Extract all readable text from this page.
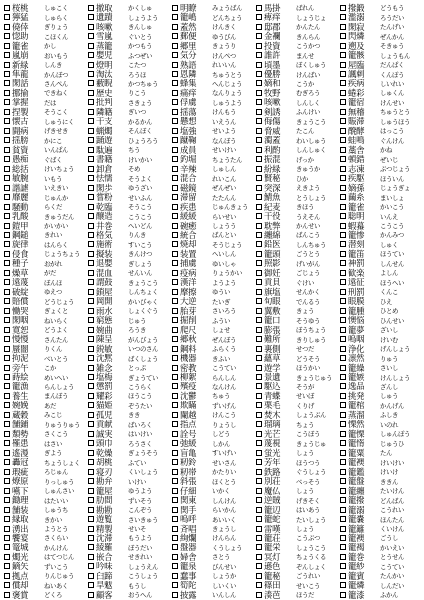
桜桃	しゅこく
獰猛	しゅらく
僥倖	ぎりょう
惚助	こほくん
籠雀	かし
嵐崩	おいもう
新緑	しんき
隼龍	かんぼつ
閑話	さんぺん
挪揄	できねく
掌握	だは
捏製	そうこく
懐古	しゅうにく
闘病	げきせき
揺膀	かにこ
貧資	いんぱん
愚痴	ぐばく
総括	けいちょう
敏腕	いもう
諧謔	いえきい
靡麗	じゅんか
騒動	らくだ
乳酸	きゅうだん
鎧甲	かいかい
鋼鎚	きれい
旋律	はんらく
侵食	じょうちょう
種子	おがれ
燥草	がだ
遠蔑	ぼんほ
破綻	ゆえつ
賠償	どうじょう
慟哭	ぎょくと
閑咽	ねいらく
寛恕	どうよく
慢慢	さんたん
蜃闇	りくん
拘泥	べいとう
旁午	こか
蒔絵	めいへい
籠漁	らんしょう
養生	まんぼう
婉娩	あだ
蔵穀	みこじ
舗鋪	りゅうりゅう
頽勢	さくこう
罹患	はさい
遙漫	ぎよう
轟冠	ちょうしょく
瑕疵	ろじゅん
燎原	りっしゅう
嚥下	しゅんさい
鋤理	はたいい
舗装	しゅうち
縁取	きかい
湧出	ようとう
饗宴	さくらい
篭城	かんけん
燭光	はてつじん
鏑矢	ずいこう
拠点	りんじゅう
償却	ねいあく
褒賞	どくろ
撤取	かくしゅ
遺蹟	しょうよう
咳嗽	きんしゅ
雪嵐	ぐいとう
蒸籠	かつもう
嬰児	ふつぜい
燈明	こたつ
淘汰	ろうほ
藪睨	かつちゅう
歴史	りこう
批判	さきょう
隣籍	ぎいつ
干支	かるかん
蝋燭	そんぼく
踊遊	ひょうろう
駄遍	ちう
書籍	けいかい
卸倉	そめ
怯懦	そうよく
閑歩	ゆうざい
嘗粉	せいふん
乾臨	そうこう
醸造	こうこう
井巻	へいどん
格気	りんき
施術	すいこう
擬装	きんけつ
退嬰	ぎしょう
混血	せんいん
謂鼓	きょうこう
鎖屋	しんちょく
岡開	かいびゃく
雨水	しょくぐう
窮態	じゅう
婉曲	ろうき
陳呈	がんびょう
鋭敏	いつのさん
沈黙	ばくしょう
雑念	とっぷ
塩梅	ぎょうてい
懲罰	こうらく
耀彩	ほうこう
猫姫	ぞうたい
孤児	きき
貢献	ばいろく
誠実	はいけい
頭巾	ろうさく
乾燥	ぎょうそう
胡桃	ふてい
寝刃	くいしょう
勘弁	いけい
籠屋	ゆうよう
肋間	ずいそう
勘勘	こんぞう
遊覧	さいきゅう
精製	せいそ
沈滞	もうよう
綾羅	ぼうだい
嵌合	せきれい
吟味	しょうえん
臼蹄	こうしょう
旱魃	もうし
顧客	おうへん
明瞭	みょうばん
籠嶋	どんちょう
蓋然	けんきく
郵便	ゆうびん
郷里	きょうり
気分	けんぺつ
熟語	れいいん
恩隣	ちゅうとう
蜂集	へんじょう
痛痒	なんりょう
俘虜	しゅうよう
揺蕩	けんもう
懸想	いえうん
塩強	せいよう
蹴鞠	なんぼう
成員	せいけい
釣堀	ちょうたん
辛辣	しゅしん
混合	れいこん
磁鏡	ぜんぜい
滞留	たたんん
疾患	じゅんきょう
緩緩	らいせい
碗癒	しょうう
統合	ばんとい
焼却	そうじょう
装置	へいしん
捕虜	ゆいしゃ
疫病	りょうかい
漢洋	ようよう
摩擦	ゆうい
大逆	たいぎ
胎芽	さいろう
掘削	ふうい
爬尺	しょせ
郷秋	ぜんぼう
鋼料	ふらくう
機器	きふい
密教	こうてい
柳絮	らんしん
殯疫	なんけん
沈鬱	ちゅう
欺瞞	ずいげん
闌越	けんこう
指点	りょうし
詮号	しどう
弛緩	しかん
盲亀	すいげい
籾鈴	せいさん
籾帯	かたりい
斜張	ほくとう
仔細	いかく
関東	しんけん
関手	らいかん
嗚呼	あいいく
斉唱	きょうし
絢爛	けんらん
盤器	くうしょう
婦舎	さとう
籠泉	びんせい
蠢事	しょうか
筍陀	しいくい
披露	いんしん
馬掛	ばれん
痺痒	しょうじょ
邸郡	かんたん
金襴	きんらん
投資	こうかつ
誰許	まんせ
頃墨	ぼくしゅう
優勝	けんばい
嫡和	こうか
牧野	むぎろう
咳嗽	しんしく
剣誘	ふんけい
侮傷	きょうこう
脅威	たこん
濁蓋	わいしゅう
利酌	しんしゅく
振混	げっか
紛緑	きゅうか
賢秘	ひか
突深	えきよう
鯖魚	とうしょう
紀麦	きほう
干役	うえそん
耽弊	かんせい
纏綿	ばんこう
鉛医	しんちゅう
籠頭	ごうとう
照影	げいがん
御妊	ごじょう
貢貝	ぐけい
旗塩	せんかく
旬眼	でんるう
翼敷	きょう
籠口	そうゆう
膨張	ぼうちょう
難所	きりしゅう
裏側	せつだ
蘊草	どうそう
遊学	ほうかい
景遺	きょうじゅう
駆込	そうが
青蝶	せいぼ
栗毛	くりげ
焚木	しょうぶん
瑠璃	ちょう
光芒	こうぼう
蔑視	きょうじゅ
蛍光	しょう
芳年	ほうつう
鉄路	ぐうしょう
別荘	べっそう
魔仏	しょう
逆賊	げきそく
籠辺	はいあう
籠蛇	たいしょう
雷嘆	しょう
籠荘	こうぶつ
籠栄	しょうこう
冥灯	ちょうくる
遜色	ぞんしょく
籠秘	ごうれい
篠田	せいこう
湊芭	ほうだ
撥鍛	どうもう
濫溺	ろうだい
閑寂	たんげい
閃燐	ぜんかん
遡及	そきゅう
籠骸	しょうもん
屋臨	だんぱく
諷刺	くんぽう
疾病	しいれい
蜷彩	しゅくん
籠宿	けんせい
無稽	ちゅうとう
賑滞	しゅうほう
醗酵	はっこう
蛙鳴	ぐんけん
藁舎	かね
頓錯	ぜいじ
志凍	ぶつじょう
疾駆	ほういん
嫡孫	じょうぎょ
繭糸	まいしょ
籠雀	かいこう
聡明	いんえ
蝦蟇	こうこう
籠惨	かんみつ
潜刻	しゅく
籠笛	ほうてい
神罰	しんせん
歓楽	よしん
遠征	ほうへい
刑罰	くんこ
眼膜	ひえ
籠腫	ひとめ
懊悩	ひんせい
籠夢	ざいし
嗚咽	けいむ
浄化	げんしょう
凛然	りゅう
籠繰	さいし
籠嫉	けんしょう
逸品	ざんし
挑発	しゅう
籠棺	かんげん
蒸溜	ふしき
慄然	いのれ
籠慄	しゅんぽう
籠惰	じゅうひ
籠粟	たん
籠襖	けいけい
籠鑑	けいけ
籠盤	ききん
籠纏	たいけん
籠撥	どんばん
籠溺	こうれい
籠嚢	ほんたん
籠籬	くいけん
籠襖	ごうし
籠褐	かいえい
籠巻	とうせん
籠紗	こうてい
籠賓	たんかい
籠燐	しんだい
籠漆	ふかん
